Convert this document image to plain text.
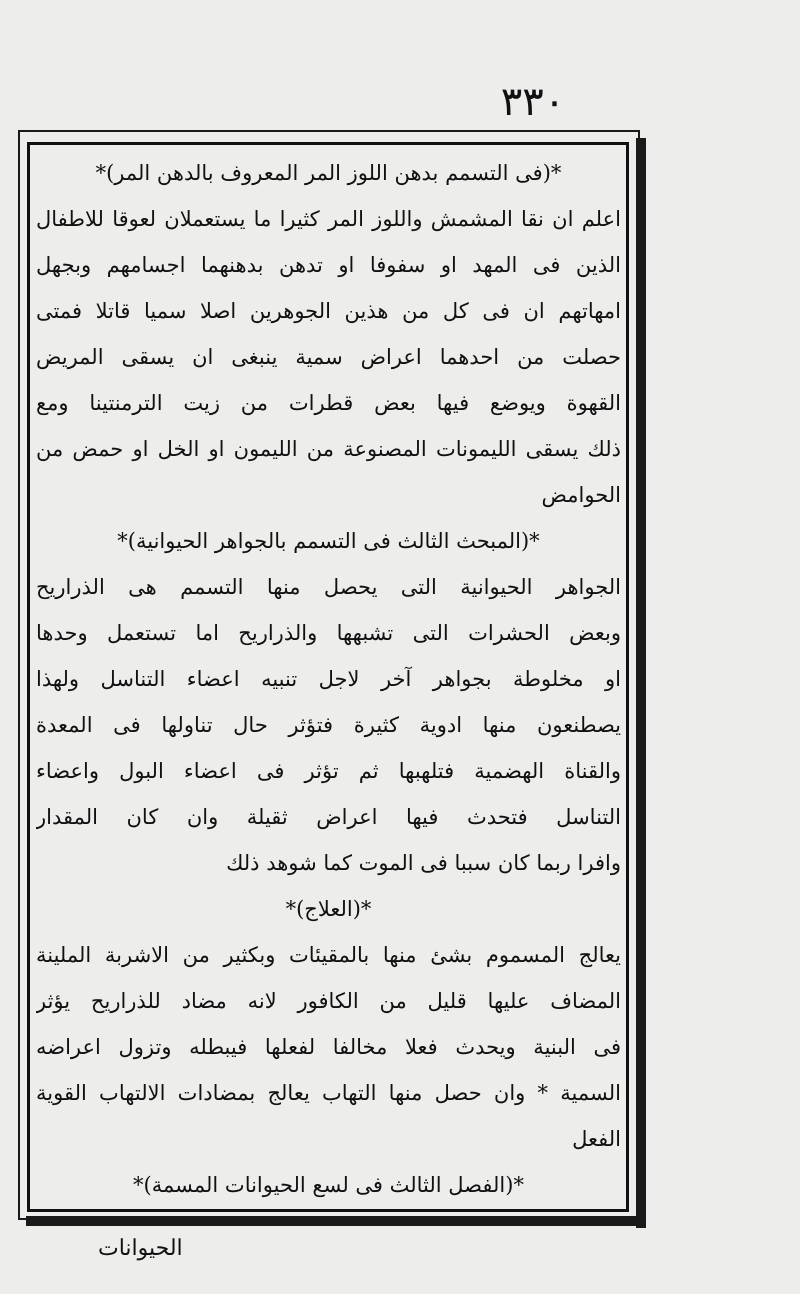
٣٣٠
*(فى التسمم بدهن اللوز المر المعروف بالدهن المر)*
اعلم ان نقا المشمش واللوز المر كثيرا ما يستعملان لعوقا للاطفال
الذين فى المهد او سفوفا او تدهن بدهنهما اجسامهم وبجهل
امهاتهم ان فى كل من هذين الجوهرين اصلا سميا قاتلا فمتى
حصلت من احدهما اعراض سمية ينبغى ان يسقى المريض
القهوة ويوضع فيها بعض قطرات من زيت الترمنتينا ومع
ذلك يسقى الليمونات المصنوعة من الليمون او الخل او حمض من
الحوامض
*(المبحث الثالث فى التسمم بالجواهر الحيوانية)*
الجواهر الحيوانية التى يحصل منها التسمم هى الذراريح
وبعض الحشرات التى تشبهها والذراريح اما تستعمل وحدها
او مخلوطة بجواهر آخر لاجل تنبيه اعضاء التناسل ولهذا
يصطنعون منها ادوية كثيرة فتؤثر حال تناولها فى المعدة
والقناة الهضمية فتلهبها ثم تؤثر فى اعضاء البول واعضاء
التناسل فتحدث فيها اعراض ثقيلة وان كان المقدار
وافرا ربما كان سببا فى الموت كما شوهد ذلك
*(العلاج)*
يعالج المسموم بشئ منها بالمقيئات وبكثير من الاشربة الملينة
المضاف عليها قليل من الكافور لانه مضاد للذراريح يؤثر
فى البنية ويحدث فعلا مخالفا لفعلها فيبطله وتزول اعراضه
السمية * وان حصل منها التهاب يعالج بمضادات الالتهاب القوية
الفعل
*(الفصل الثالث فى لسع الحيوانات المسمة)*
الحيوانات
